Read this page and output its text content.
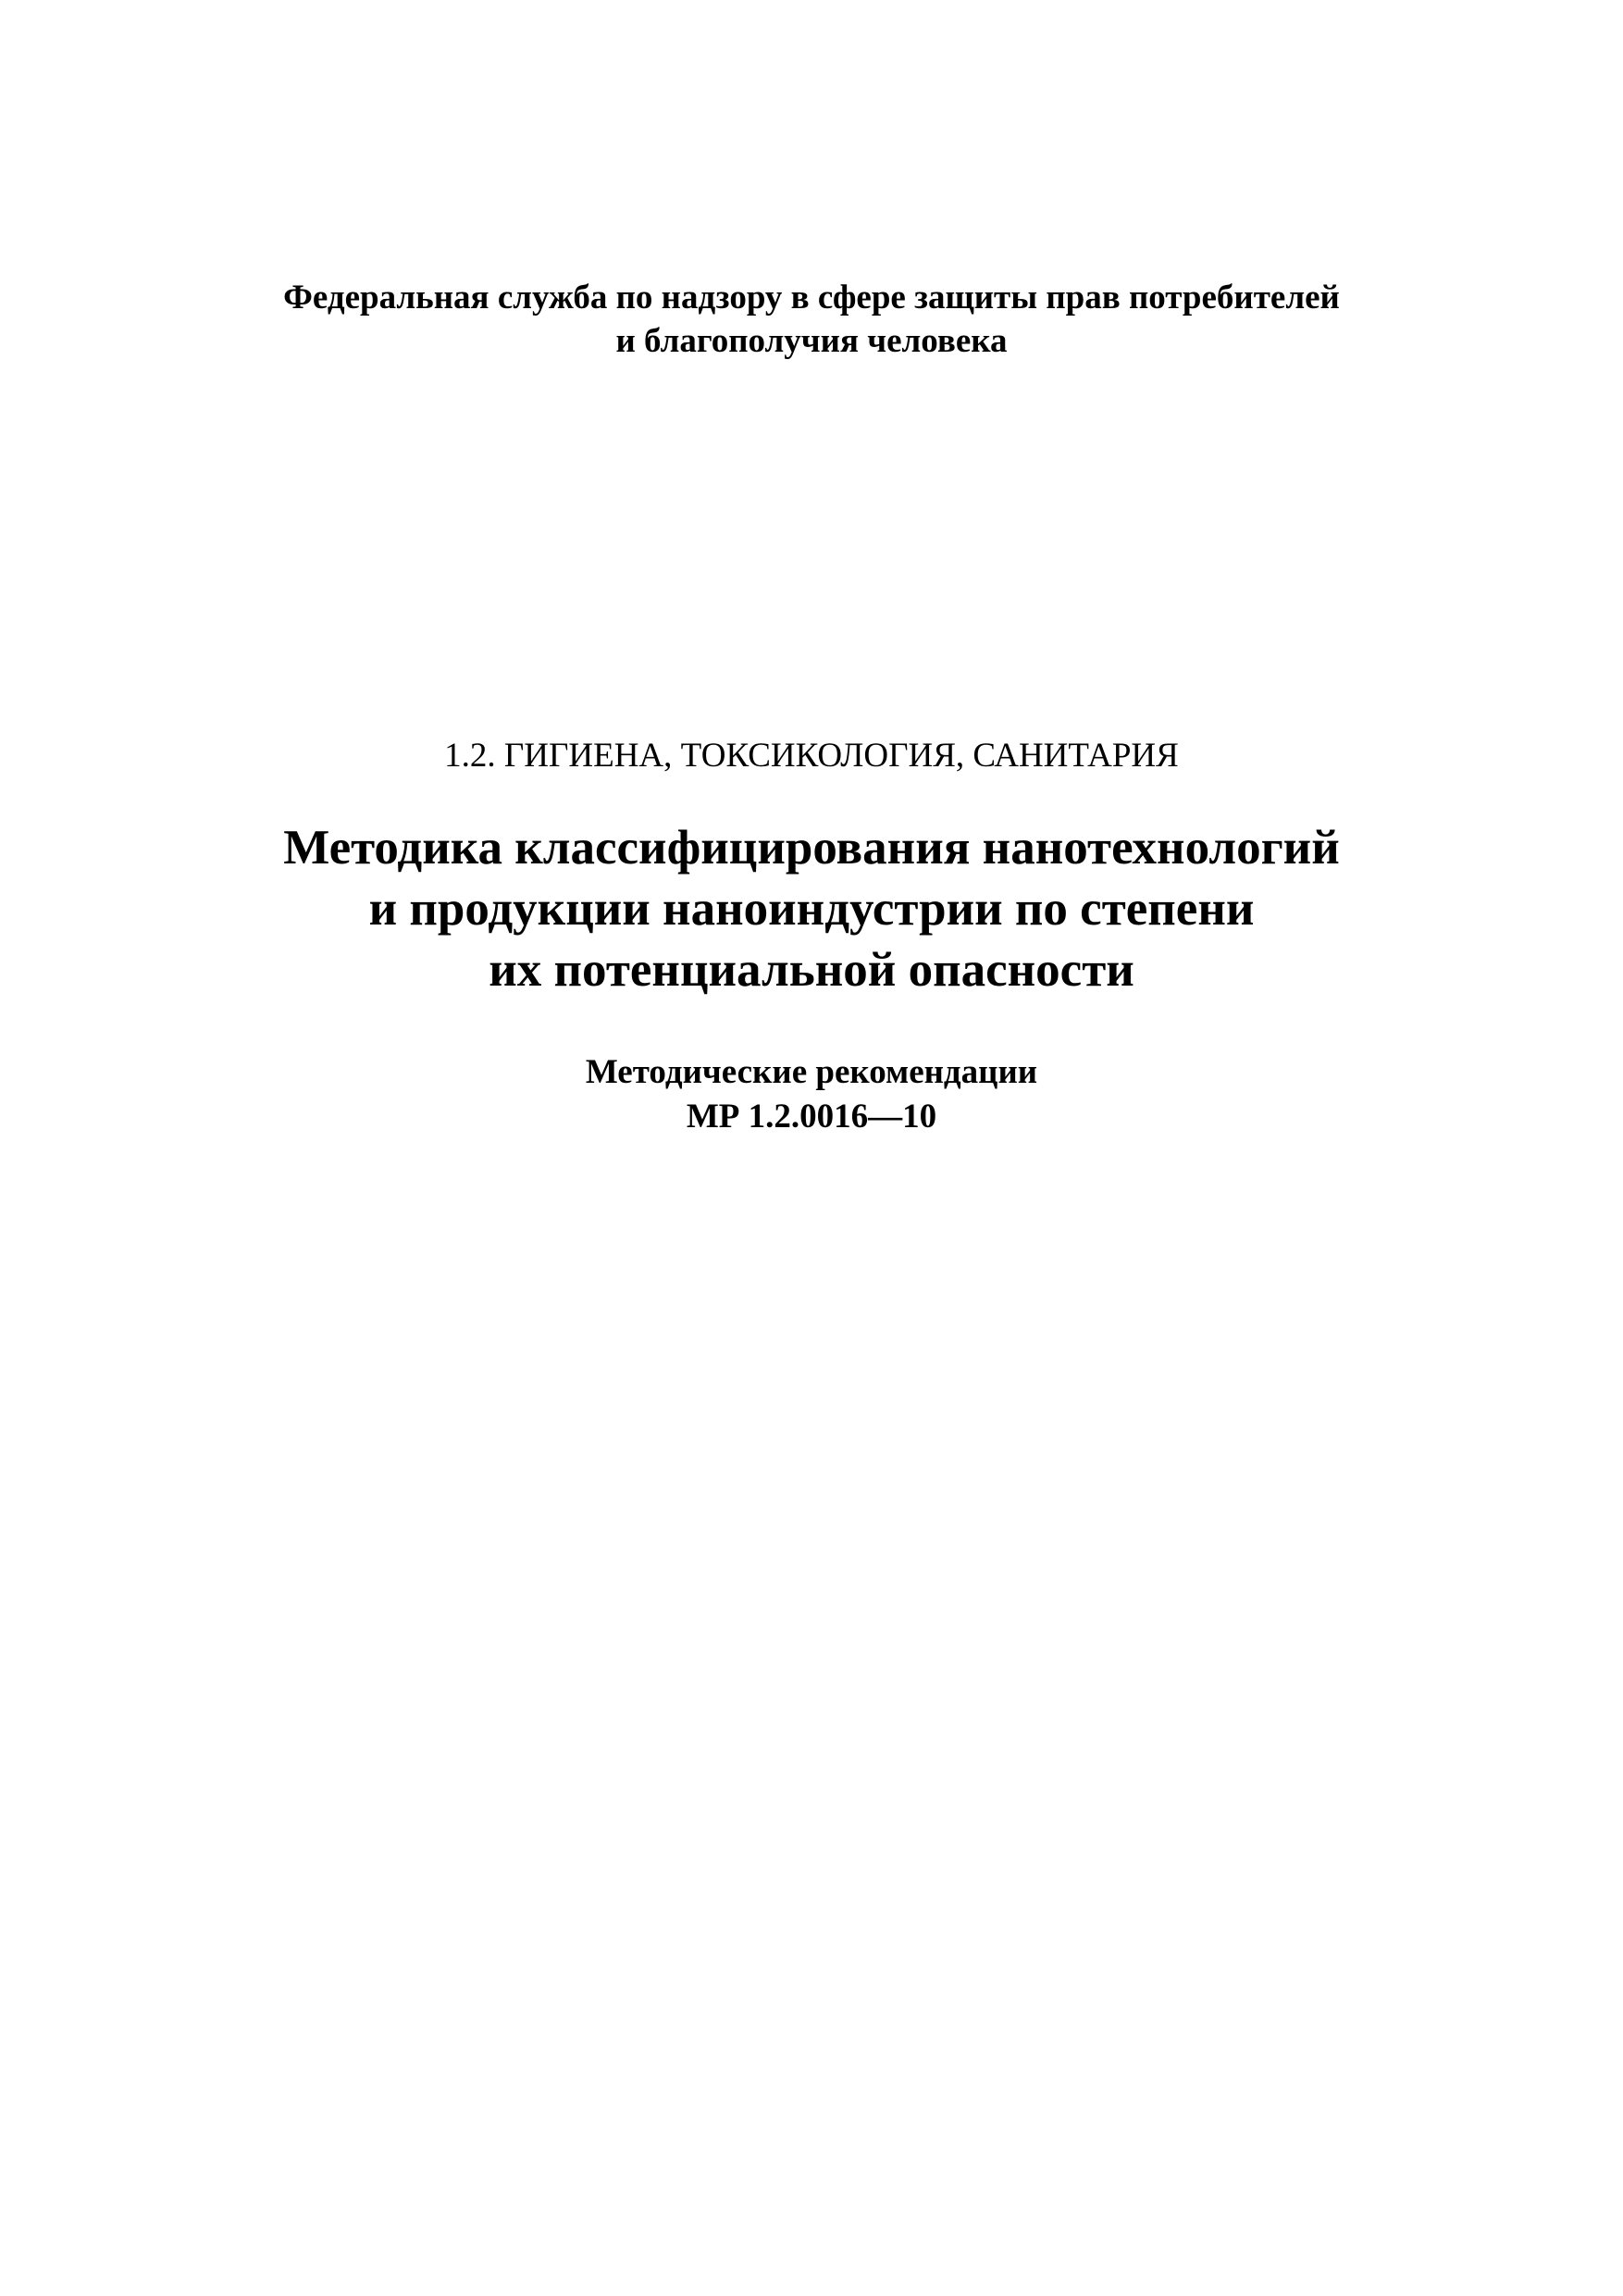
Федеральная служба по надзору в сфере защиты прав потребителей
и благополучия человека
1.2. ГИГИЕНА, ТОКСИКОЛОГИЯ, САНИТАРИЯ
Методика классифицирования нанотехнологий
и продукции наноиндустрии по степени
их потенциальной опасности
Методические рекомендации
МР 1.2.0016—10
